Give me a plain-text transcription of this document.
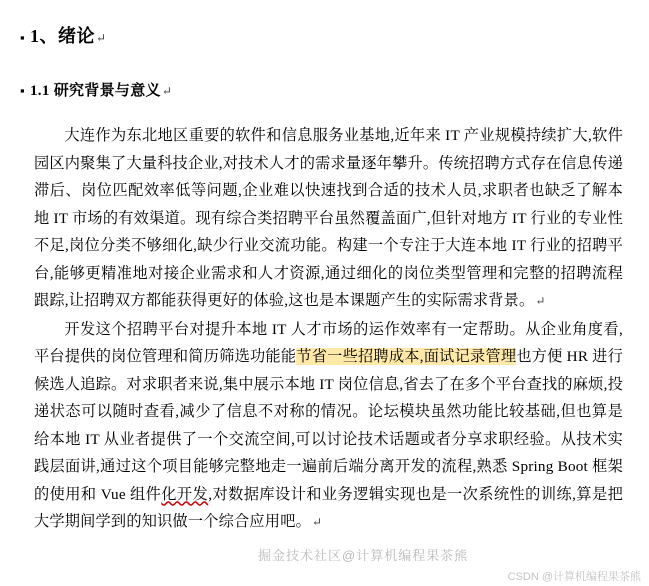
▪ 1、绪论 ↵
▪ 1.1 研究背景与意义 ↵

大连作为东北地区重要的软件和信息服务业基地,近年来 IT 产业规模持续扩大,软件园区内聚集了大量科技企业,对技术人才的需求量逐年攀升。传统招聘方式存在信息传递滞后、岗位匹配效率低等问题,企业难以快速找到合适的技术人员,求职者也缺乏了解本地 IT 市场的有效渠道。现有综合类招聘平台虽然覆盖面广,但针对地方 IT 行业的专业性不足,岗位分类不够细化,缺少行业交流功能。构建一个专注于大连本地 IT 行业的招聘平台,能够更精准地对接企业需求和人才资源,通过细化的岗位类型管理和完整的招聘流程跟踪,让招聘双方都能获得更好的体验,这也是本课题产生的实际需求背景。↵

开发这个招聘平台对提升本地 IT 人才市场的运作效率有一定帮助。从企业角度看,平台提供的岗位管理和简历筛选功能能节省一些招聘成本,面试记录管理也方便 HR 进行候选人追踪。对求职者来说,集中展示本地 IT 岗位信息,省去了在多个平台查找的麻烦,投递状态可以随时查看,减少了信息不对称的情况。论坛模块虽然功能比较基础,但也算是给本地 IT 从业者提供了一个交流空间,可以讨论技术话题或者分享求职经验。从技术实践层面讲,通过这个项目能够完整地走一遍前后端分离开发的流程,熟悉 Spring Boot 框架的使用和 Vue 组件化开发,对数据库设计和业务逻辑实现也是一次系统性的训练,算是把大学期间学到的知识做一个综合应用吧。↵

掘金技术社区@计算机编程果茶熊
CSDN @计算机编程果茶熊
